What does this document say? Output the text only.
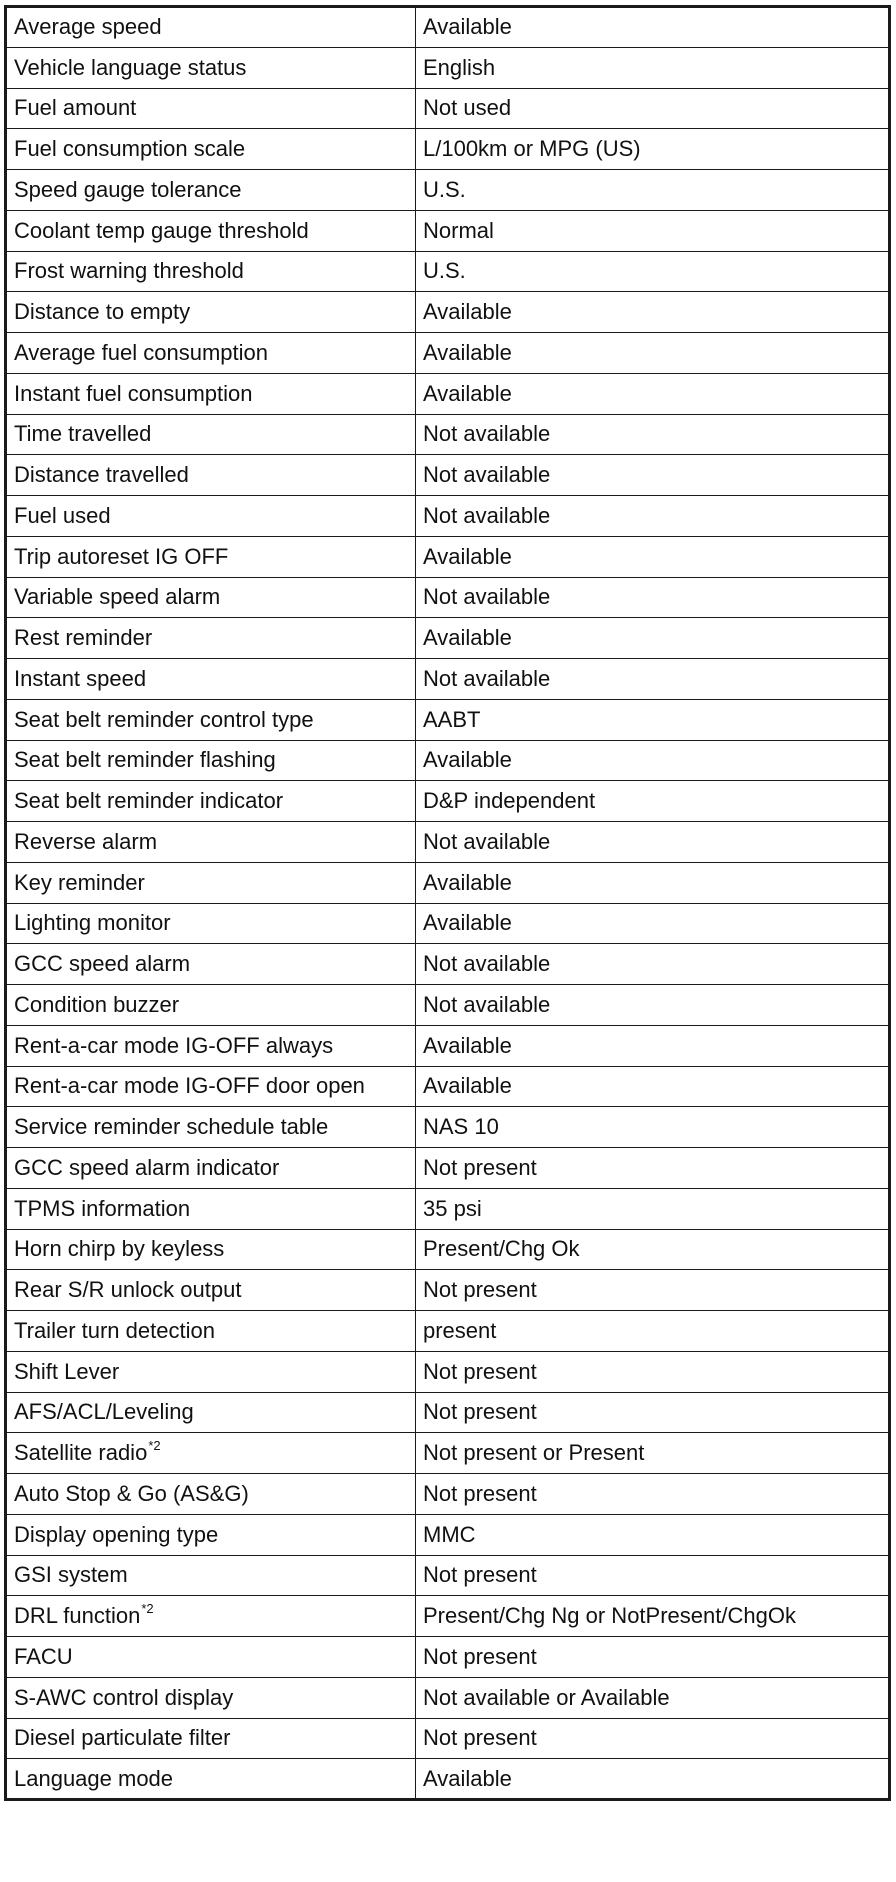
Average speed	Available
Vehicle language status	English
Fuel amount	Not used
Fuel consumption scale	L/100km or MPG (US)
Speed gauge tolerance	U.S.
Coolant temp gauge threshold	Normal
Frost warning threshold	U.S.
Distance to empty	Available
Average fuel consumption	Available
Instant fuel consumption	Available
Time travelled	Not available
Distance travelled	Not available
Fuel used	Not available
Trip autoreset IG OFF	Available
Variable speed alarm	Not available
Rest reminder	Available
Instant speed	Not available
Seat belt reminder control type	AABT
Seat belt reminder flashing	Available
Seat belt reminder indicator	D&P independent
Reverse alarm	Not available
Key reminder	Available
Lighting monitor	Available
GCC speed alarm	Not available
Condition buzzer	Not available
Rent-a-car mode IG-OFF always	Available
Rent-a-car mode IG-OFF door open	Available
Service reminder schedule table	NAS 10
GCC speed alarm indicator	Not present
TPMS information	35 psi
Horn chirp by keyless	Present/Chg Ok
Rear S/R unlock output	Not present
Trailer turn detection	present
Shift Lever	Not present
AFS/ACL/Leveling	Not present
Satellite radio$^{*2}$	Not present or Present
Auto Stop & Go (AS&G)	Not present
Display opening type	MMC
GSI system	Not present
DRL function$^{*2}$	Present/Chg Ng or NotPresent/ChgOk
FACU	Not present
S-AWC control display	Not available or Available
Diesel particulate filter	Not present
Language mode	Available
